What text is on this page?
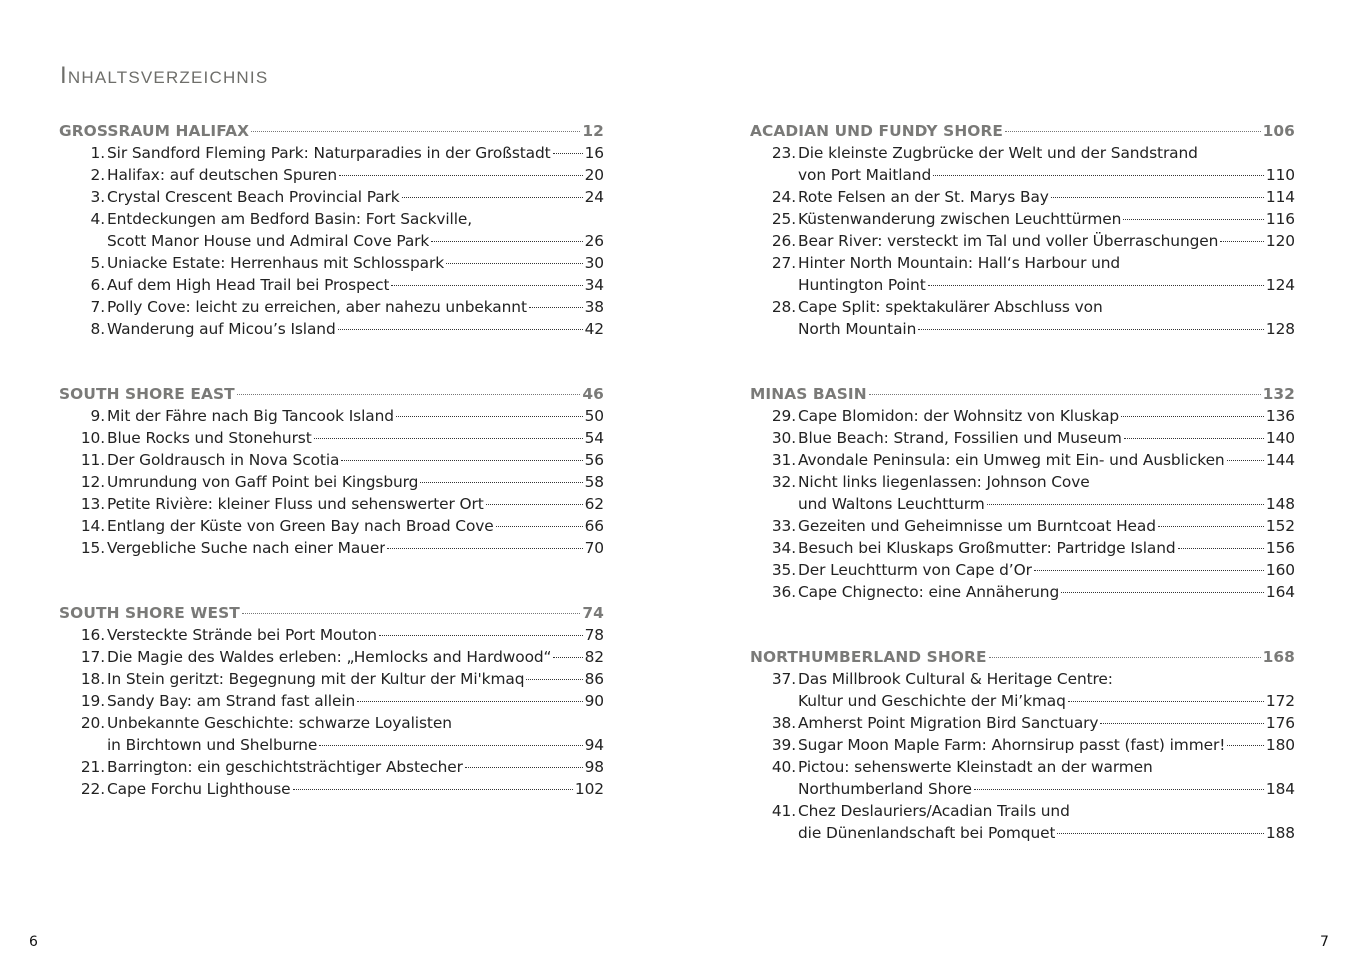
Inhaltsverzeichnis
GROSSRAUM HALIFAX	12
1. Sir Sandford Fleming Park: Naturparadies in der Großstadt 16
2. Halifax: auf deutschen Spuren	20
3. Crystal Crescent Beach Provincial Park	24
4. Entdeckungen am Bedford Basin: Fort Sackville,
Scott Manor House und Admiral Cove Park	26
5. Uniacke Estate: Herrenhaus mit Schlosspark	30
6. Auf dem High Head Trail bei Prospect	34
7. Polly Cove: leicht zu erreichen, aber nahezu unbekannt	38
8. Wanderung auf Micou’s Island	42
SOUTH SHORE EAST	46
9. Mit der Fähre nach Big Tancook Island	50
10. Blue Rocks und Stonehurst	54
11. Der Goldrausch in Nova Scotia	56
12. Umrundung von Gaff Point bei Kingsburg	58
13. Petite Rivière: kleiner Fluss und sehenswerter Ort	62
14. Entlang der Küste von Green Bay nach Broad Cove	66
15. Vergebliche Suche nach einer Mauer	70
SOUTH SHORE WEST	74
16. Versteckte Strände bei Port Mouton	78
17. Die Magie des Waldes erleben: „Hemlocks and Hardwood“ 82
18. In Stein geritzt: Begegnung mit der Kultur der Mi'kmaq	86
19. Sandy Bay: am Strand fast allein	90
20. Unbekannte Geschichte: schwarze Loyalisten
in Birchtown und Shelburne	94
21. Barrington: ein geschichtsträchtiger Abstecher	98
22. Cape Forchu Lighthouse	102
ACADIAN UND FUNDY SHORE	106
23. Die kleinste Zugbrücke der Welt und der Sandstrand
von Port Maitland	110
24. Rote Felsen an der St. Marys Bay	114
25. Küstenwanderung zwischen Leuchttürmen	116
26. Bear River: versteckt im Tal und voller Überraschungen	120
27. Hinter North Mountain: Hall‘s Harbour und
Huntington Point	124
28. Cape Split: spektakulärer Abschluss von
North Mountain	128
MINAS BASIN	132
29. Cape Blomidon: der Wohnsitz von Kluskap	136
30. Blue Beach: Strand, Fossilien und Museum	140
31. Avondale Peninsula: ein Umweg mit Ein- und Ausblicken	144
32. Nicht links liegenlassen: Johnson Cove
und Waltons Leuchtturm	148
33. Gezeiten und Geheimnisse um Burntcoat Head	152
34. Besuch bei Kluskaps Großmutter: Partridge Island	156
35. Der Leuchtturm von Cape d’Or	160
36. Cape Chignecto: eine Annäherung	164
NORTHUMBERLAND SHORE	168
37. Das Millbrook Cultural & Heritage Centre:
Kultur und Geschichte der Mi’kmaq	172
38. Amherst Point Migration Bird Sanctuary	176
39. Sugar Moon Maple Farm: Ahornsirup passt (fast) immer!	180
40. Pictou: sehenswerte Kleinstadt an der warmen
Northumberland Shore	184
41. Chez Deslauriers/Acadian Trails und
die Dünenlandschaft bei Pomquet	188
6	7
